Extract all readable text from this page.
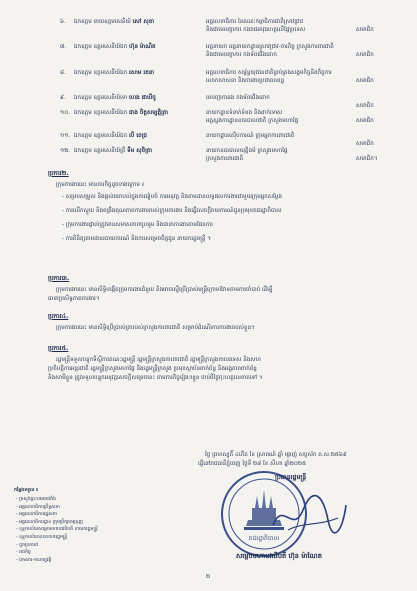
៦. ឯកឧត្តម នាយឧត្តមសេនីយ៍ សៅ សុខា	អគ្គលេខាធិការ នៃគណៈកម្មាធិការជាតិស្រាវជ្រាវ
និងជាមេបញ្ជាការ កងរាជអាវុធហត្ថលើផ្ទៃប្រទេស	សមាជិក
៧. ឯកឧត្តម ឧត្តមសេនីយ៍ឯក ហ៊ុន ម៉ាណិត	អគ្គនាយក អគ្គនាយកដ្ឋានស្រាវជ្រាវ-ចារកិច្ច ក្រសួងការពារជាតិ
និងជាមេបញ្ជាការ កងទ័ពជើងគោក	សមាជិក
៨. ឯកឧត្តម ឧត្តមសេនីយ៍ឯក សោម រតនា	អគ្គលេខាធិការ សម្ព័ន្ធយុវជនជាតិគ្រប់គ្រងសង្គមកិច្ចនិងកិច្ចការ
លោកសាសនា និងការងារប្រជាពលរដ្ឋ	សមាជិក
៩. ឯកឧត្តម ឧត្តមសេនីយ៍ទោ ហេង ផាឃីចូ	មេបញ្ជាការរង កងទ័ពជើងគោក
សមាជិក
១០. ឯកឧត្តម ឧត្តមសេនីយ៍ឯក ជាង ចិត្តសម្បត្តិត្រា	នាយកដ្ឋានទំនាក់ទំនង និងដាក់ទោស
អគ្គស្នងការដ្ឋាននគរបាលជាតិ ក្រសួងមហាផ្ទៃ	សមាជិក
១១. ឯកឧត្តម ឧត្តមសេនីយ៍ឯក លី ពេជ្រ	នាយកដ្ឋានស៊ើបការណ៍ ក្រុមអ្នកការពារជាតិ
សមាជិក
១២. ឯកឧត្តម ឧត្តមសេនីយ៍ត្រី ទឹម សុចិត្រា	នាយកនគរបាលយុត្តិធម៌ ក្រសួងមហាផ្ទៃ
ក្រសួងការពារជាតិ	សមាជិក។
ប្រការ២.
ក្រុមការងារនេះ មានភារកិច្ចដូចខាងក្រោម ៖
- សម្របសម្រួល និងផ្តល់យោបល់ក្នុងការរៀបចំ ការអនុវត្ត និងតាមដានលទ្ធផលការងារជាមួយក្រុមអ្នកសម្ដែង
- ការលើកស្ទួយ និងពង្រឹងគុណភាពការងាររបស់ក្រុមការងារ និងធ្វើសេចក្តីរាយការណ៍ជូនប្រមុខរាជរដ្ឋាភិបាល
- ក្រុមការងារផ្ទាល់ត្រូវមានសមាសភាពចូលរួម និងធានាការងារតាមផែនការ
- ការពិនិត្យតាមដានរបាយការណ៍ និងការសម្រេចចិត្តជូន នាយករដ្ឋមន្ត្រី ។
ប្រការ៣.
ក្រុមការងារនេះ មានសិទ្ធិបង្កើតក្រុមការងារជំនួយ និងអាចស្នើប្រើប្រាស់មន្ត្រីក្រោមឱវាទតាមការចាំបាច់ ដើម្បី
ធានាប្រសិទ្ធភាពការងារ។
ប្រការ៤.
ក្រុមការងារនេះ មានសិទ្ធិប្រើប្រាស់ត្រារបស់ក្រសួងការពារជាតិ សម្រាប់ដំណើរការការងាររបស់ខ្លួន។
ប្រការ៥.
រដ្ឋមន្ត្រីទទួលបន្ទុកទីស្ដីការគណៈរដ្ឋមន្ត្រី រដ្ឋមន្ត្រីក្រសួងការពារជាតិ រដ្ឋមន្ត្រីក្រសួងការបរទេស និងសហ
ប្រតិបត្តិការអន្តរជាតិ រដ្ឋមន្ត្រីក្រសួងមហាផ្ទៃ និងរដ្ឋមន្ត្រីក្រសួង ប្រមុខស្ថាប័នពាក់ព័ន្ធ និងអង្គភាពពាក់ព័ន្ធ
និងសាមីខ្លួន ត្រូវទទួលបន្ទុកអនុវត្តសេចក្តីសម្រេចនេះ តាមភារកិច្ចរៀងៗខ្លួន ចាប់ពីថ្ងៃចុះហត្ថលេខាតទៅ ។
ថ្ងៃ ព្រហស្បតិ៍ ៤កើត ខែ ស្រាពណ៍ ឆ្នាំ ម្សាញ់ សប្តស័ក ព.ស.២៥៦៩
ធ្វើនៅរាជធានីភ្នំពេញ ថ្ងៃទី ២៨ ខែ សីហា ឆ្នាំ២០២៥
រាជរដ្ឋាភិបាល
ប្រធានរដ្ឋមន្ត្រី
សម្ដេចមហាបវរធិបតី ហ៊ុន ម៉ាណែត
កន្លែងទទួល ៖
- ក្រសួងព្រះបរមរាជវាំង
- អគ្គលេខាធិការព្រឹទ្ធសភា
- អគ្គលេខាធិការរដ្ឋសភា
- អគ្គលេខាធិការដ្ឋាន ក្រុមប្រឹក្សាធម្មនុញ្ញ
- ខុទ្ទកាល័យសម្ដេចមហាបវរធិបតី នាយករដ្ឋមន្ត្រី
- ខុទ្ទកាល័យឧបនាយករដ្ឋមន្ត្រី
- ដូចប្រការ៥
- រាជកិច្ច
- ឯកសារ-កាលប្បវត្តិ
២
